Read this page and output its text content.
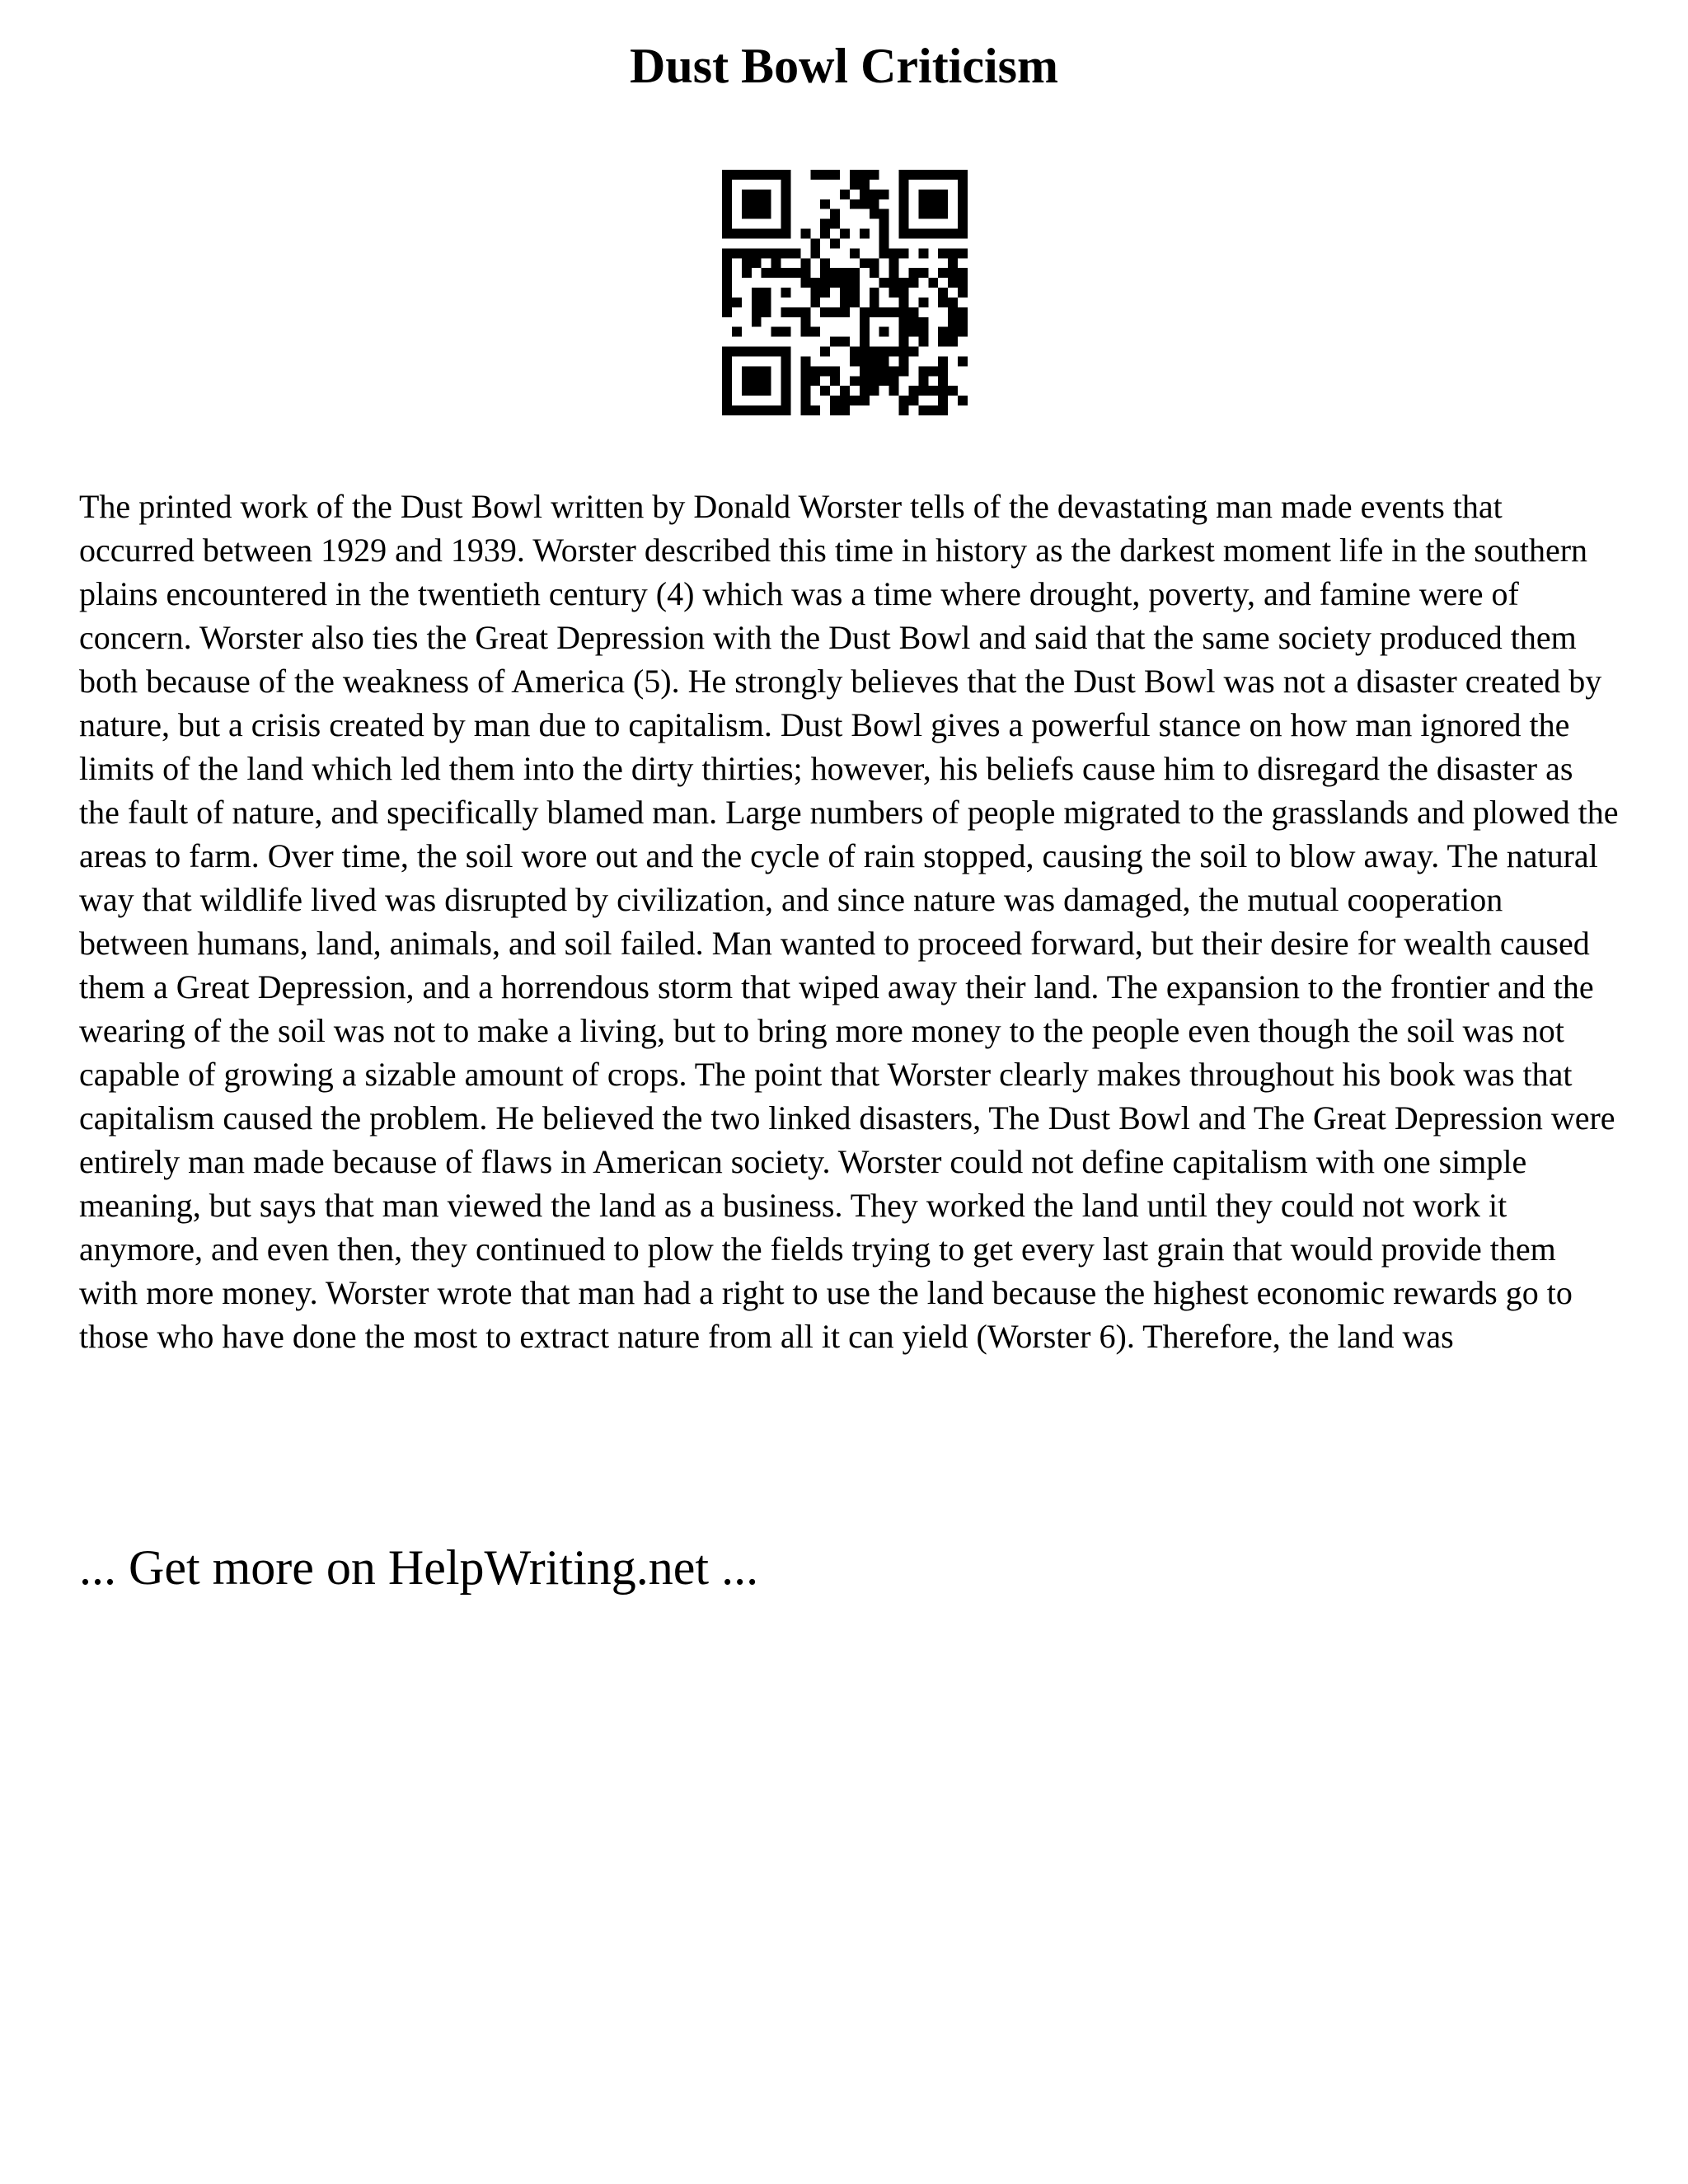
Dust Bowl Criticism

The printed work of the Dust Bowl written by Donald Worster tells of the devastating man made events that occurred between 1929 and 1939. Worster described this time in history as the darkest moment life in the southern plains encountered in the twentieth century (4) which was a time where drought, poverty, and famine were of concern. Worster also ties the Great Depression with the Dust Bowl and said that the same society produced them both because of the weakness of America (5). He strongly believes that the Dust Bowl was not a disaster created by nature, but a crisis created by man due to capitalism. Dust Bowl gives a powerful stance on how man ignored the limits of the land which led them into the dirty thirties; however, his beliefs cause him to disregard the disaster as the fault of nature, and specifically blamed man. Large numbers of people migrated to the grasslands and plowed the areas to farm. Over time, the soil wore out and the cycle of rain stopped, causing the soil to blow away. The natural way that wildlife lived was disrupted by civilization, and since nature was damaged, the mutual cooperation between humans, land, animals, and soil failed. Man wanted to proceed forward, but their desire for wealth caused them a Great Depression, and a horrendous storm that wiped away their land. The expansion to the frontier and the wearing of the soil was not to make a living, but to bring more money to the people even though the soil was not capable of growing a sizable amount of crops. The point that Worster clearly makes throughout his book was that capitalism caused the problem. He believed the two linked disasters, The Dust Bowl and The Great Depression were entirely man made because of flaws in American society. Worster could not define capitalism with one simple meaning, but says that man viewed the land as a business. They worked the land until they could not work it anymore, and even then, they continued to plow the fields trying to get every last grain that would provide them with more money. Worster wrote that man had a right to use the land because the highest economic rewards go to those who have done the most to extract nature from all it can yield (Worster 6). Therefore, the land was

... Get more on HelpWriting.net ...
